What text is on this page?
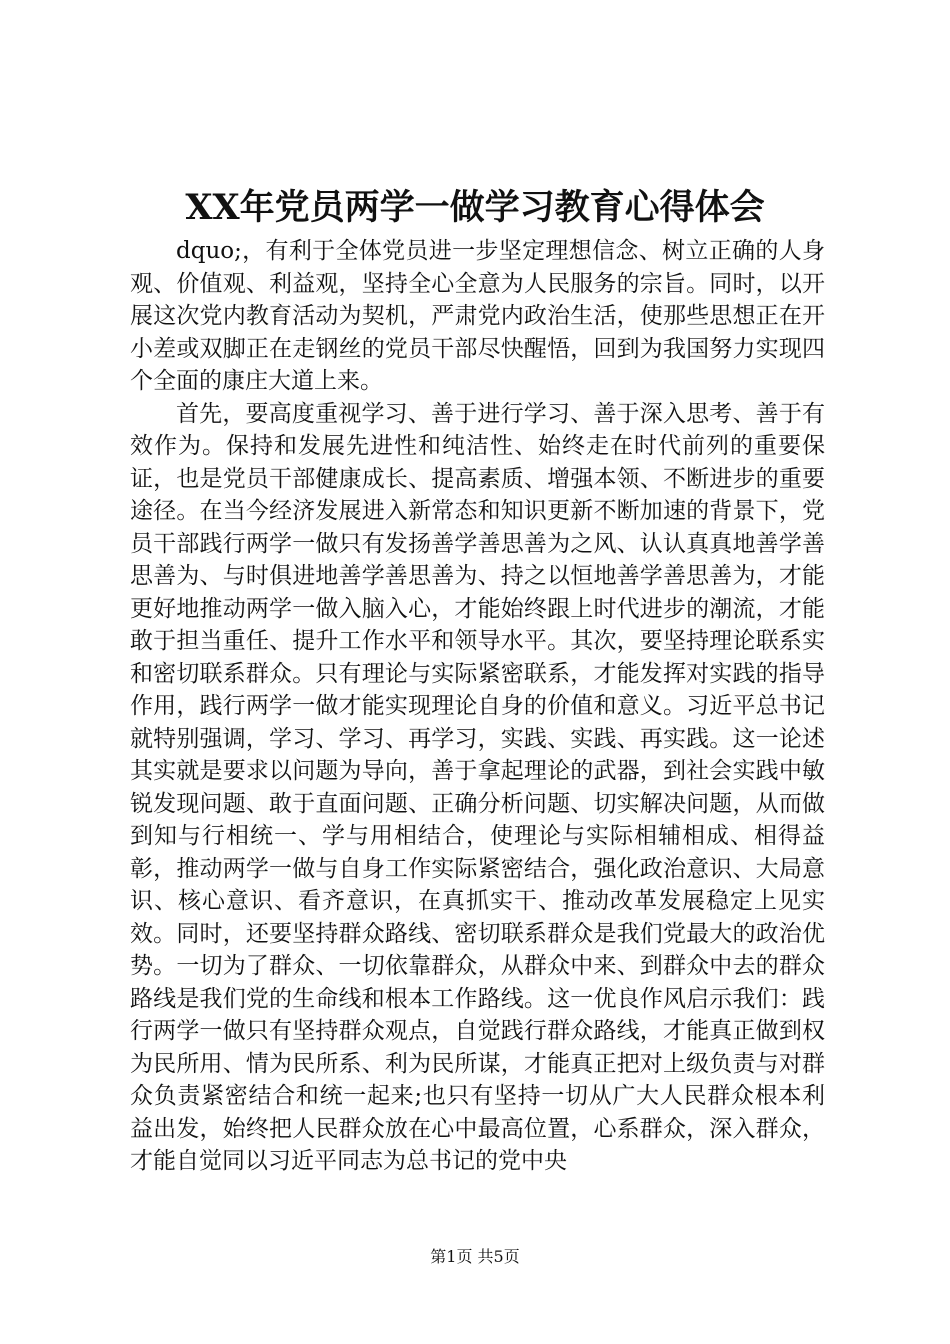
XX年党员两学一做学习教育心得体会

dquo;，有利于全体党员进一步坚定理想信念、树立正确的人身观、价值观、利益观，坚持全心全意为人民服务的宗旨。同时，以开展这次党内教育活动为契机，严肃党内政治生活，使那些思想正在开小差或双脚正在走钢丝的党员干部尽快醒悟，回到为我国努力实现四个全面的康庄大道上来。

首先，要高度重视学习、善于进行学习、善于深入思考、善于有效作为。保持和发展先进性和纯洁性、始终走在时代前列的重要保证，也是党员干部健康成长、提高素质、增强本领、不断进步的重要途径。在当今经济发展进入新常态和知识更新不断加速的背景下，党员干部践行两学一做只有发扬善学善思善为之风、认认真真地善学善思善为、与时俱进地善学善思善为、持之以恒地善学善思善为，才能更好地推动两学一做入脑入心，才能始终跟上时代进步的潮流，才能敢于担当重任、提升工作水平和领导水平。其次，要坚持理论联系实和密切联系群众。只有理论与实际紧密联系，才能发挥对实践的指导作用，践行两学一做才能实现理论自身的价值和意义。习近平总书记就特别强调，学习、学习、再学习，实践、实践、再实践。这一论述其实就是要求以问题为导向，善于拿起理论的武器，到社会实践中敏锐发现问题、敢于直面问题、正确分析问题、切实解决问题，从而做到知与行相统一、学与用相结合，使理论与实际相辅相成、相得益彰，推动两学一做与自身工作实际紧密结合，强化政治意识、大局意识、核心意识、看齐意识，在真抓实干、推动改革发展稳定上见实效。同时，还要坚持群众路线、密切联系群众是我们党最大的政治优势。一切为了群众、一切依靠群众，从群众中来、到群众中去的群众路线是我们党的生命线和根本工作路线。这一优良作风启示我们：践行两学一做只有坚持群众观点，自觉践行群众路线，才能真正做到权为民所用、情为民所系、利为民所谋，才能真正把对上级负责与对群众负责紧密结合和统一起来;也只有坚持一切从广大人民群众根本利益出发，始终把人民群众放在心中最高位置，心系群众，深入群众，才能自觉同以习近平同志为总书记的党中央

第1页 共5页
